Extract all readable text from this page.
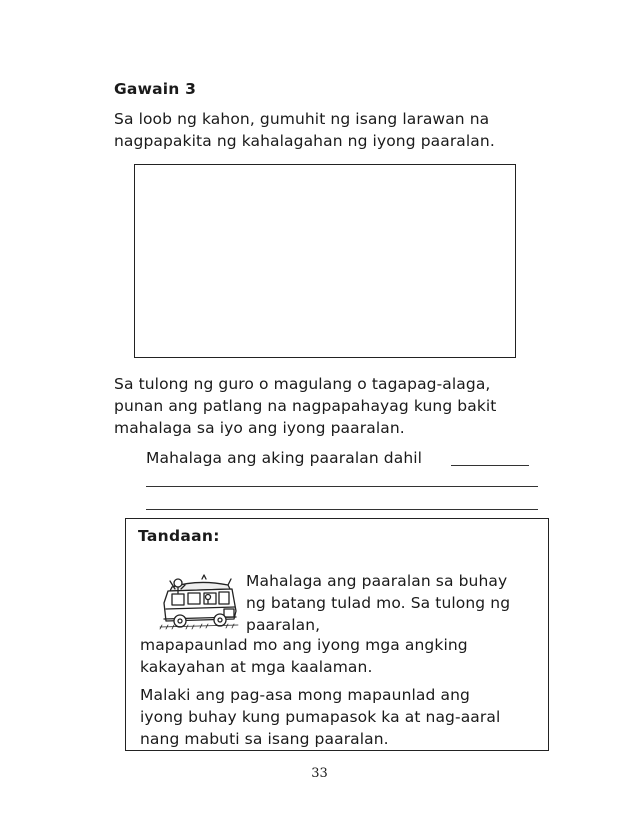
Gawain 3
Sa loob ng kahon, gumuhit ng isang larawan na
nagpapakita ng kahalagahan ng iyong paaralan.
Sa tulong ng guro o magulang o tagapag-alaga,
punan ang patlang na nagpapahayag kung bakit
mahalaga sa iyo ang iyong paaralan.
Mahalaga ang aking paaralan dahil
Tandaan:
Mahalaga ang paaralan sa buhay
ng batang tulad mo. Sa tulong ng
paaralan,
mapapaunlad mo ang iyong mga angking
kakayahan at mga kaalaman.
Malaki ang pag-asa mong mapaunlad ang
iyong buhay kung pumapasok ka at nag-aaral
nang mabuti sa isang paaralan.
33
